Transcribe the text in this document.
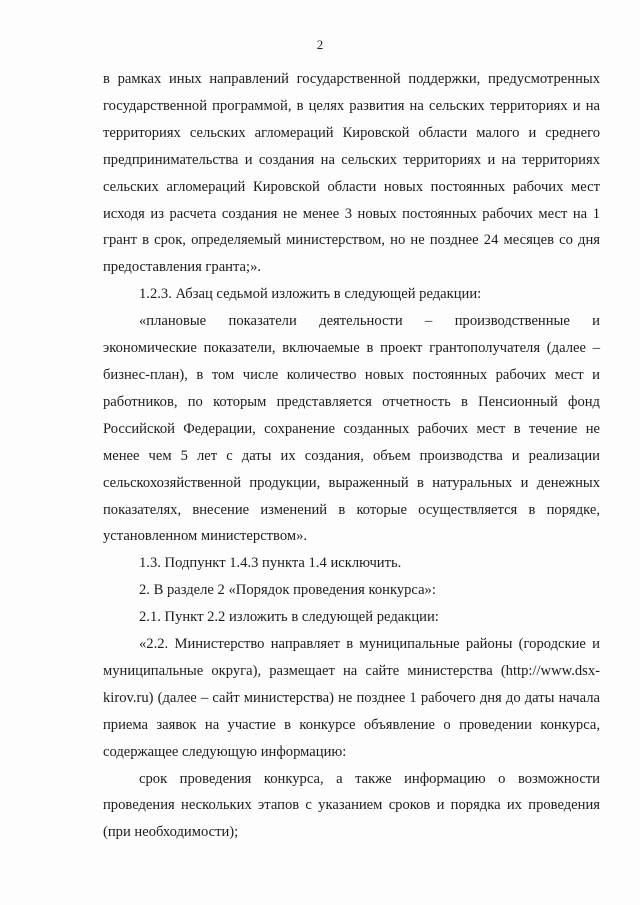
2

в рамках иных направлений государственной поддержки, предусмотренных государственной программой, в целях развития на сельских территориях и на территориях сельских агломераций Кировской области малого и среднего предпринимательства и создания на сельских территориях и на территориях сельских агломераций Кировской области новых постоянных рабочих мест исходя из расчета создания не менее 3 новых постоянных рабочих мест на 1 грант в срок, определяемый министерством, но не позднее 24 месяцев со дня предоставления гранта;».

1.2.3. Абзац седьмой изложить в следующей редакции:

«плановые показатели деятельности – производственные и экономические показатели, включаемые в проект грантополучателя (далее – бизнес-план), в том числе количество новых постоянных рабочих мест и работников, по которым представляется отчетность в Пенсионный фонд Российской Федерации, сохранение созданных рабочих мест в течение не менее чем 5 лет с даты их создания, объем производства и реализации сельскохозяйственной продукции, выраженный в натуральных и денежных показателях, внесение изменений в которые осуществляется в порядке, установленном министерством».

1.3. Подпункт 1.4.3 пункта 1.4 исключить.

2. В разделе 2 «Порядок проведения конкурса»:

2.1. Пункт 2.2 изложить в следующей редакции:

«2.2. Министерство направляет в муниципальные районы (городские и муниципальные округа), размещает на сайте министерства (http://www.dsx-kirov.ru) (далее – сайт министерства) не позднее 1 рабочего дня до даты начала приема заявок на участие в конкурсе объявление о проведении конкурса, содержащее следующую информацию:

срок проведения конкурса, а также информацию о возможности проведения нескольких этапов с указанием сроков и порядка их проведения (при необходимости);
